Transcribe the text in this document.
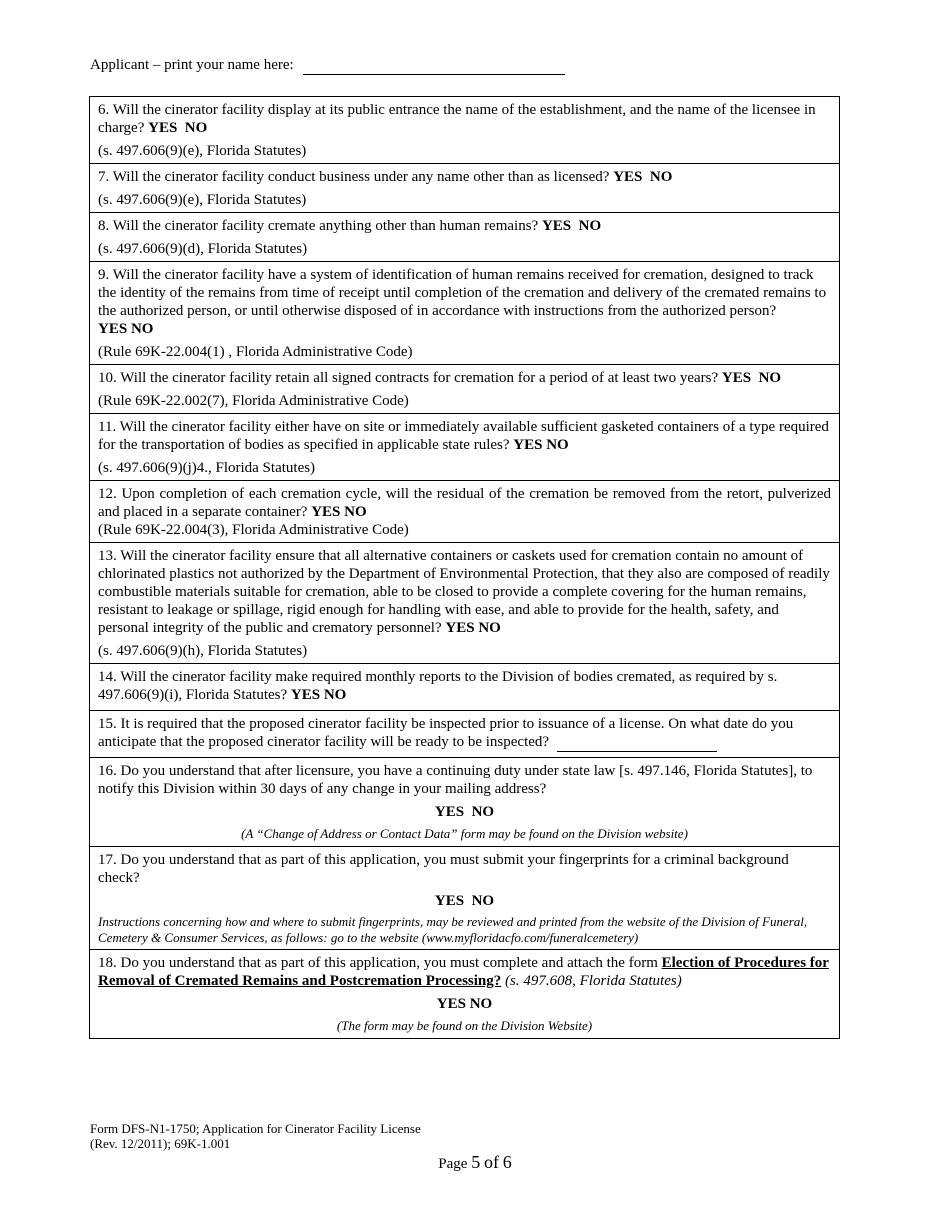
Applicant – print your name here:
6. Will the cinerator facility display at its public entrance the name of the establishment, and the name of the licensee in charge? YES NO
(s. 497.606(9)(e), Florida Statutes)
7. Will the cinerator facility conduct business under any name other than as licensed? YES NO
(s. 497.606(9)(e), Florida Statutes)
8. Will the cinerator facility cremate anything other than human remains? YES NO
(s. 497.606(9)(d), Florida Statutes)
9. Will the cinerator facility have a system of identification of human remains received for cremation, designed to track the identity of the remains from time of receipt until completion of the cremation and delivery of the cremated remains to the authorized person, or until otherwise disposed of in accordance with instructions from the authorized person? YES NO
(Rule 69K-22.004(1) , Florida Administrative Code)
10. Will the cinerator facility retain all signed contracts for cremation for a period of at least two years? YES NO
(Rule 69K-22.002(7), Florida Administrative Code)
11. Will the cinerator facility either have on site or immediately available sufficient gasketed containers of a type required for the transportation of bodies as specified in applicable state rules? YES NO
(s. 497.606(9)(j)4., Florida Statutes)
12. Upon completion of each cremation cycle, will the residual of the cremation be removed from the retort, pulverized and placed in a separate container? YES NO
(Rule 69K-22.004(3), Florida Administrative Code)
13. Will the cinerator facility ensure that all alternative containers or caskets used for cremation contain no amount of chlorinated plastics not authorized by the Department of Environmental Protection, that they also are composed of readily combustible materials suitable for cremation, able to be closed to provide a complete covering for the human remains, resistant to leakage or spillage, rigid enough for handling with ease, and able to provide for the health, safety, and personal integrity of the public and crematory personnel? YES NO
(s. 497.606(9)(h), Florida Statutes)
14. Will the cinerator facility make required monthly reports to the Division of bodies cremated, as required by s. 497.606(9)(i), Florida Statutes? YES NO
15. It is required that the proposed cinerator facility be inspected prior to issuance of a license. On what date do you anticipate that the proposed cinerator facility will be ready to be inspected?
16. Do you understand that after licensure, you have a continuing duty under state law [s. 497.146, Florida Statutes], to notify this Division within 30 days of any change in your mailing address?
YES NO
(A “Change of Address or Contact Data” form may be found on the Division website)
17. Do you understand that as part of this application, you must submit your fingerprints for a criminal background check?
YES NO
Instructions concerning how and where to submit fingerprints, may be reviewed and printed from the website of the Division of Funeral, Cemetery & Consumer Services, as follows: go to the website (www.myfloridacfo.com/funeralcemetery)
18. Do you understand that as part of this application, you must complete and attach the form Election of Procedures for Removal of Cremated Remains and Postcremation Processing? (s. 497.608, Florida Statutes)
YES NO
(The form may be found on the Division Website)
Form DFS-N1-1750; Application for Cinerator Facility License
(Rev. 12/2011); 69K-1.001
Page 5 of 6
